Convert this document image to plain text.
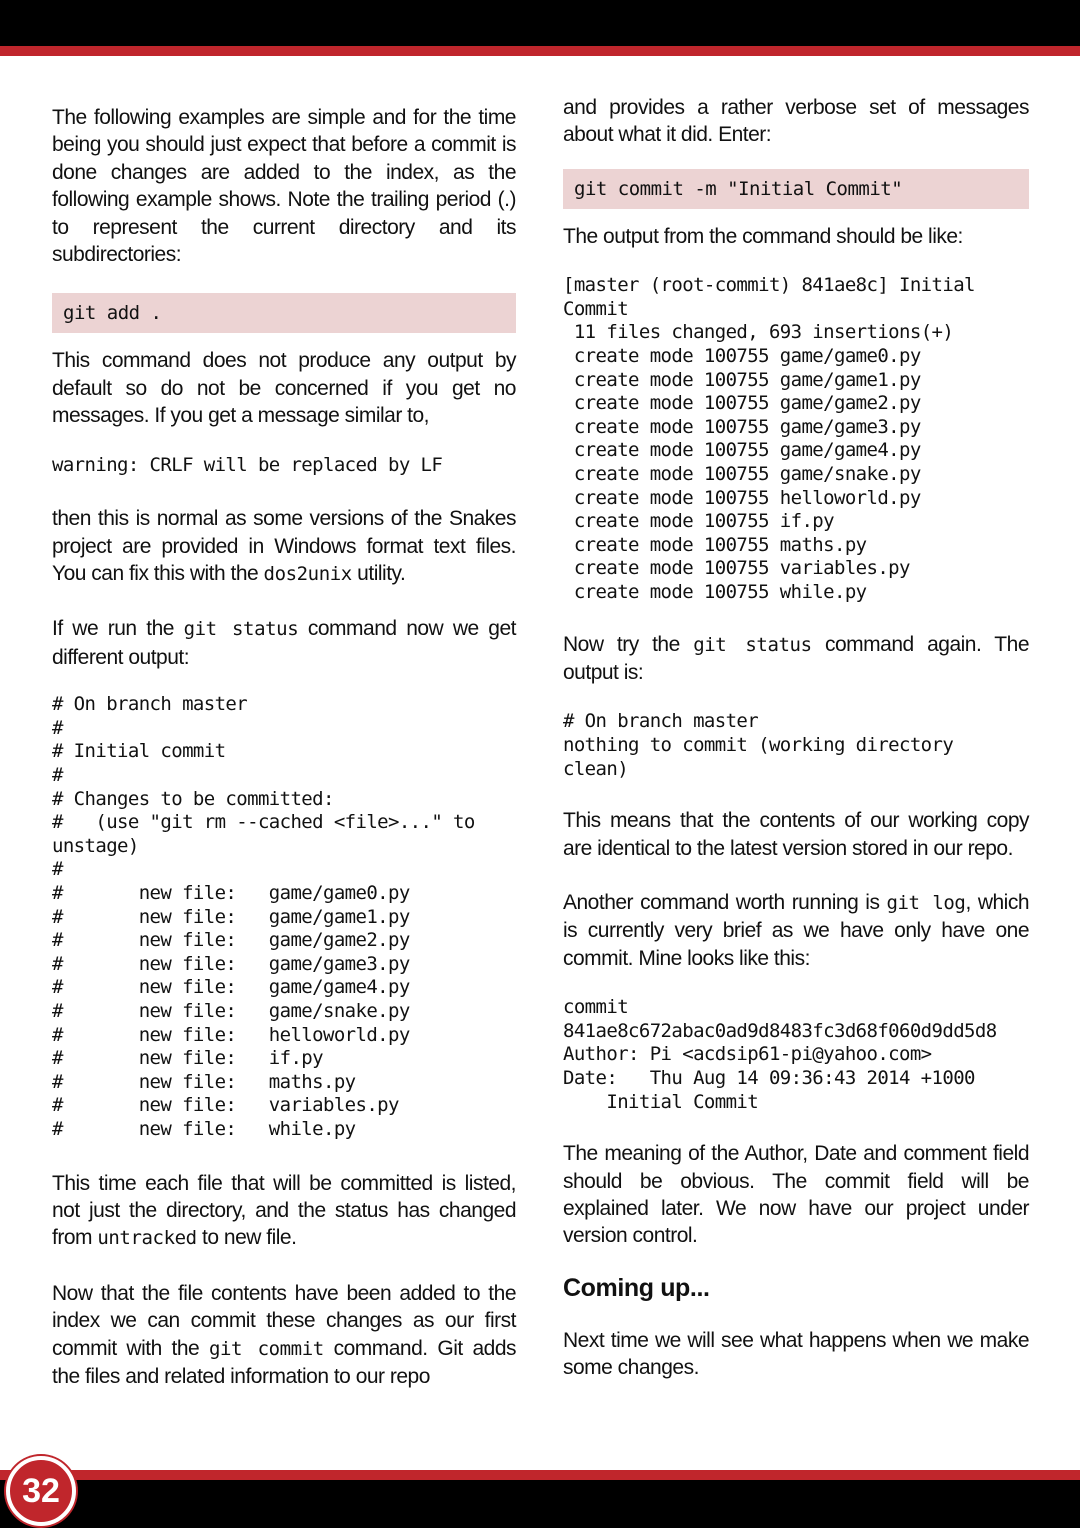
The following examples are simple and for the time being you should just expect that before a commit is done changes are added to the index, as the following example shows. Note the trailing period (.) to represent the current directory and its subdirectories:

git add .

This command does not produce any output by default so do not be concerned if you get no messages. If you get a message similar to,

warning: CRLF will be replaced by LF

then this is normal as some versions of the Snakes project are provided in Windows format text files. You can fix this with the dos2unix utility.

If we run the git status command now we get different output:

# On branch master
#
# Initial commit
#
# Changes to be committed:
#   (use "git rm --cached <file>..." to unstage)
#
#       new file:   game/game0.py
#       new file:   game/game1.py
#       new file:   game/game2.py
#       new file:   game/game3.py
#       new file:   game/game4.py
#       new file:   game/snake.py
#       new file:   helloworld.py
#       new file:   if.py
#       new file:   maths.py
#       new file:   variables.py
#       new file:   while.py

This time each file that will be committed is listed, not just the directory, and the status has changed from untracked to new file.

Now that the file contents have been added to the index we can commit these changes as our first commit with the git commit command. Git adds the files and related information to our repo

and provides a rather verbose set of messages about what it did. Enter:

git commit -m "Initial Commit"

The output from the command should be like:

[master (root-commit) 841ae8c] Initial Commit
11 files changed, 693 insertions(+)
create mode 100755 game/game0.py
create mode 100755 game/game1.py
create mode 100755 game/game2.py
create mode 100755 game/game3.py
create mode 100755 game/game4.py
create mode 100755 game/snake.py
create mode 100755 helloworld.py
create mode 100755 if.py
create mode 100755 maths.py
create mode 100755 variables.py
create mode 100755 while.py

Now try the git status command again. The output is:

# On branch master
nothing to commit (working directory clean)

This means that the contents of our working copy are identical to the latest version stored in our repo.

Another command worth running is git log, which is currently very brief as we have only have one commit. Mine looks like this:

commit 841ae8c672abac0ad9d8483fc3d68f060d9dd5d8
Author: Pi <acdsip61-pi@yahoo.com>
Date:   Thu Aug 14 09:36:43 2014 +1000
Initial Commit

The meaning of the Author, Date and comment field should be obvious. The commit field will be explained later. We now have our project under version control.

Coming up...

Next time we will see what happens when we make some changes.

32
